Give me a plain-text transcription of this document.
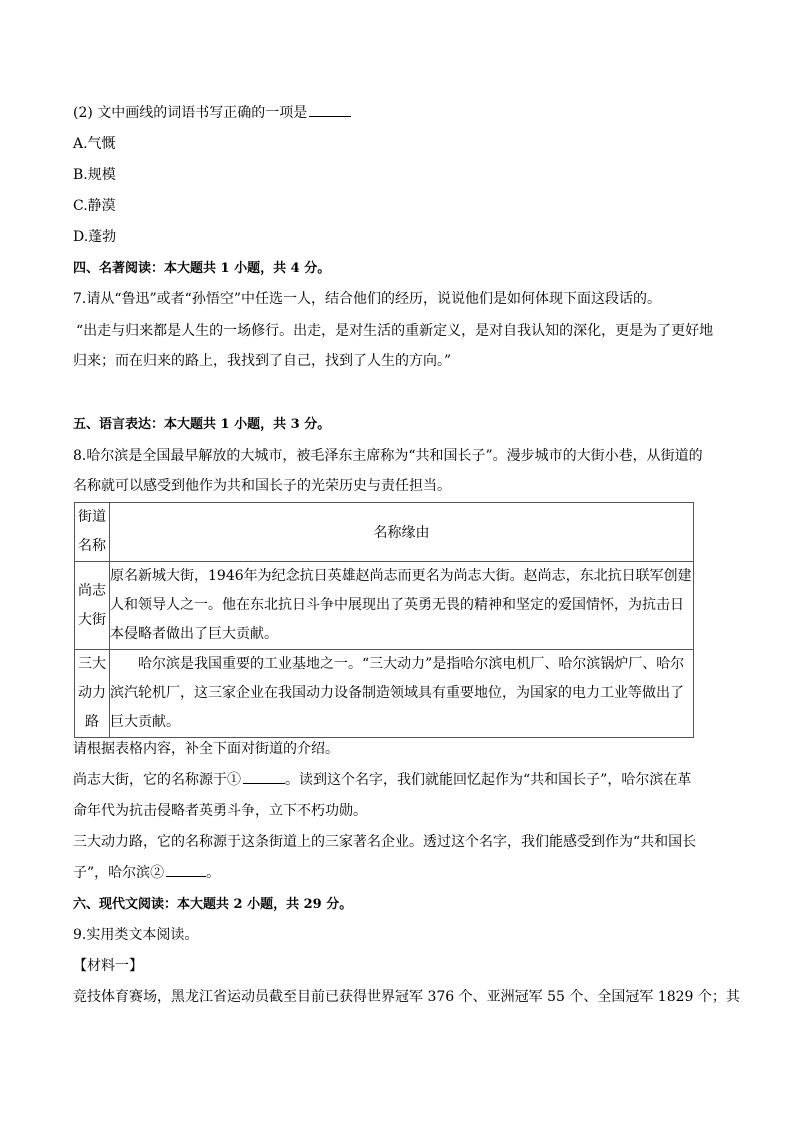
(2) 文中画线的词语书写正确的一项是
A.气慨
B.规模
C.静漠
D.蓬勃
四、名著阅读：本大题共 1 小题，共 4 分。
7.请从“鲁迅”或者“孙悟空”中任选一人，结合他们的经历，说说他们是如何体现下面这段话的。
“出走与归来都是人生的一场修行。出走，是对生活的重新定义，是对自我认知的深化，更是为了更好地
归来；而在归来的路上，我找到了自己，找到了人生的方向。”
五、语言表达：本大题共 1 小题，共 3 分。
8.哈尔滨是全国最早解放的大城市，被毛泽东主席称为“共和国长子”。漫步城市的大街小巷，从街道的
名称就可以感受到他作为共和国长子的光荣历史与责任担当。
街道名称	名称缘由
尚志大街	原名新城大街，1946年为纪念抗日英雄赵尚志而更名为尚志大街。赵尚志，东北抗日联军创建人和领导人之一。他在东北抗日斗争中展现出了英勇无畏的精神和坚定的爱国情怀，为抗击日本侵略者做出了巨大贡献。
三大动力路	哈尔滨是我国重要的工业基地之一。“三大动力”是指哈尔滨电机厂、哈尔滨锅炉厂、哈尔滨汽轮机厂，这三家企业在我国动力设备制造领域具有重要地位，为国家的电力工业等做出了巨大贡献。
请根据表格内容，补全下面对街道的介绍。
尚志大街，它的名称源于①	。读到这个名字，我们就能回忆起作为“共和国长子”，哈尔滨在革
命年代为抗击侵略者英勇斗争，立下不朽功勋。
三大动力路，它的名称源于这条街道上的三家著名企业。透过这个名字，我们能感受到作为“共和国长
子”，哈尔滨②	。
六、现代文阅读：本大题共 2 小题，共 29 分。
9.实用类文本阅读。
【材料一】
竞技体育赛场，黑龙江省运动员截至目前已获得世界冠军 376 个、亚洲冠军 55 个、全国冠军 1829 个；其
